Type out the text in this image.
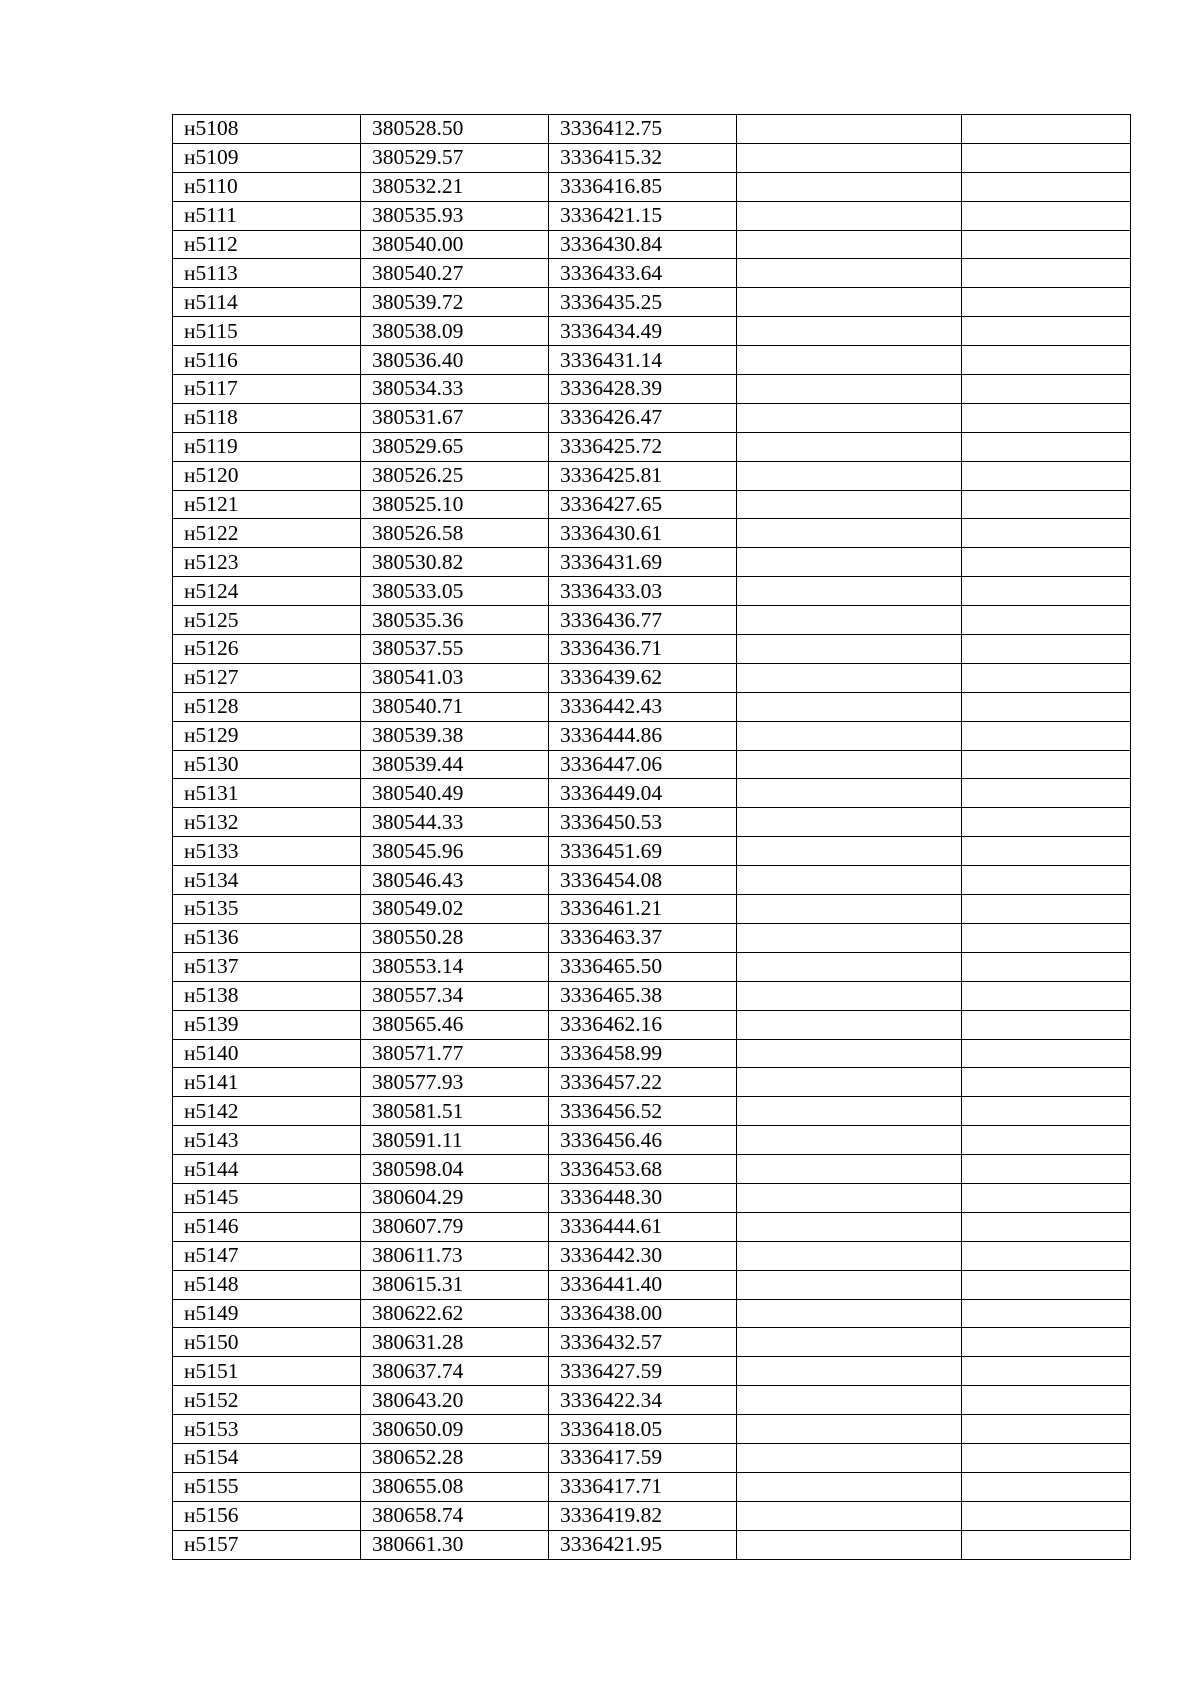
н5108	380528.50	3336412.75		
н5109	380529.57	3336415.32		
н5110	380532.21	3336416.85		
н5111	380535.93	3336421.15		
н5112	380540.00	3336430.84		
н5113	380540.27	3336433.64		
н5114	380539.72	3336435.25		
н5115	380538.09	3336434.49		
н5116	380536.40	3336431.14		
н5117	380534.33	3336428.39		
н5118	380531.67	3336426.47		
н5119	380529.65	3336425.72		
н5120	380526.25	3336425.81		
н5121	380525.10	3336427.65		
н5122	380526.58	3336430.61		
н5123	380530.82	3336431.69		
н5124	380533.05	3336433.03		
н5125	380535.36	3336436.77		
н5126	380537.55	3336436.71		
н5127	380541.03	3336439.62		
н5128	380540.71	3336442.43		
н5129	380539.38	3336444.86		
н5130	380539.44	3336447.06		
н5131	380540.49	3336449.04		
н5132	380544.33	3336450.53		
н5133	380545.96	3336451.69		
н5134	380546.43	3336454.08		
н5135	380549.02	3336461.21		
н5136	380550.28	3336463.37		
н5137	380553.14	3336465.50		
н5138	380557.34	3336465.38		
н5139	380565.46	3336462.16		
н5140	380571.77	3336458.99		
н5141	380577.93	3336457.22		
н5142	380581.51	3336456.52		
н5143	380591.11	3336456.46		
н5144	380598.04	3336453.68		
н5145	380604.29	3336448.30		
н5146	380607.79	3336444.61		
н5147	380611.73	3336442.30		
н5148	380615.31	3336441.40		
н5149	380622.62	3336438.00		
н5150	380631.28	3336432.57		
н5151	380637.74	3336427.59		
н5152	380643.20	3336422.34		
н5153	380650.09	3336418.05		
н5154	380652.28	3336417.59		
н5155	380655.08	3336417.71		
н5156	380658.74	3336419.82		
н5157	380661.30	3336421.95		
